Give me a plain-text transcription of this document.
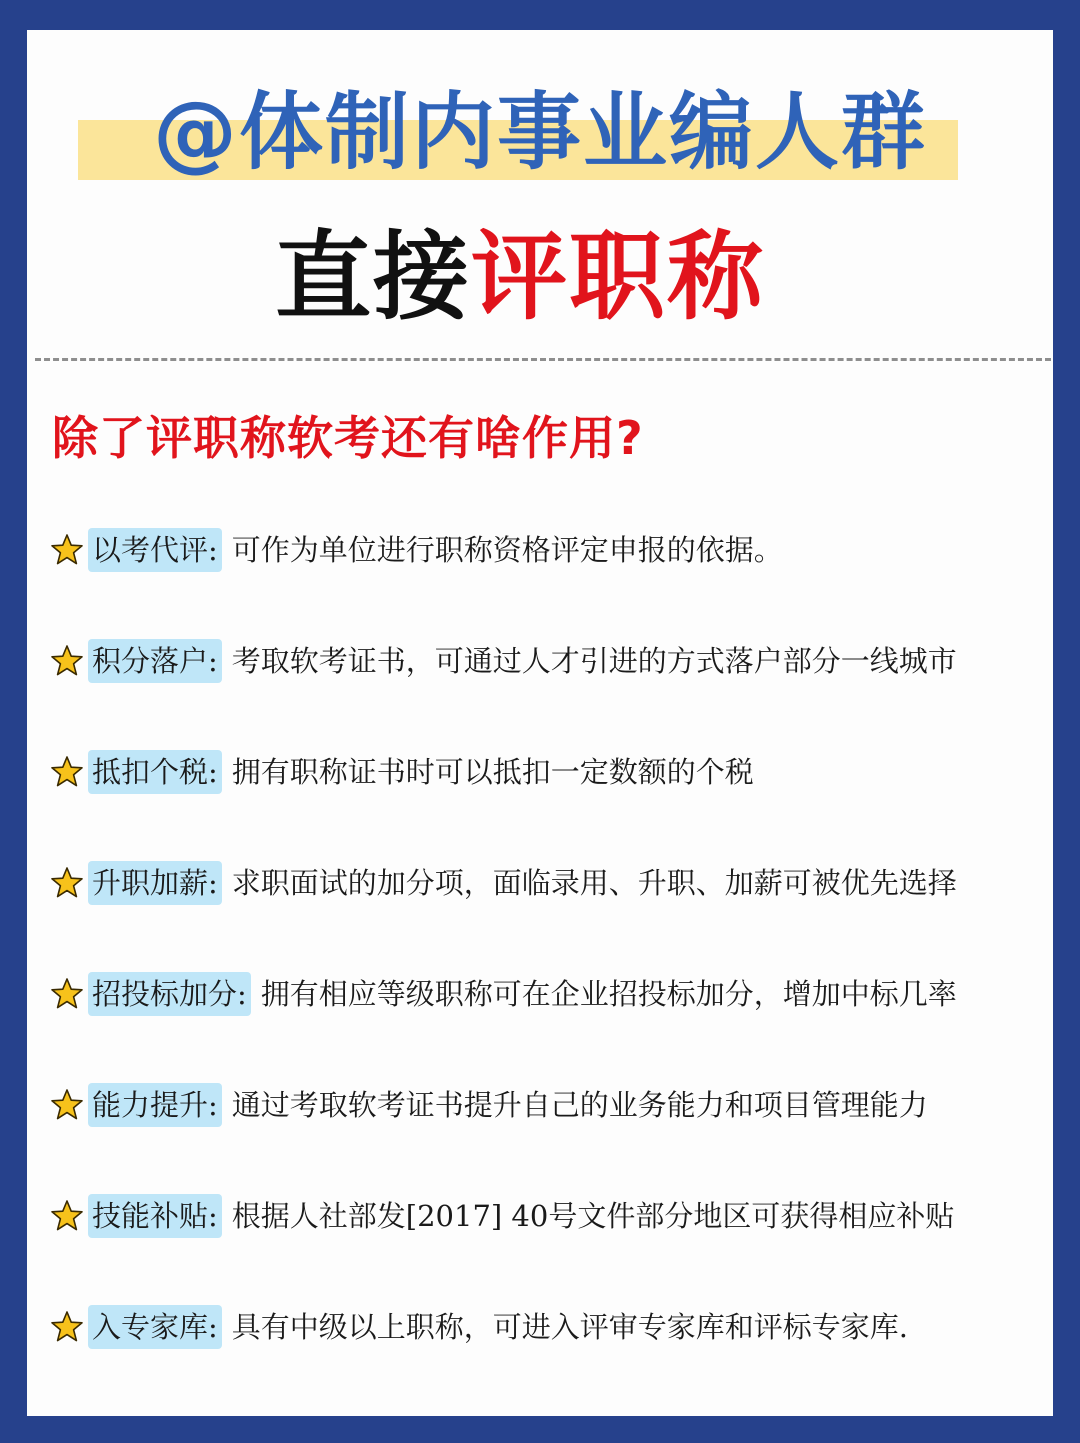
@体制内事业编人群
直接评职称
除了评职称软考还有啥作用?
以考代评: 可作为单位进行职称资格评定申报的依据。
积分落户: 考取软考证书，可通过人才引进的方式落户部分一线城市
抵扣个税: 拥有职称证书时可以抵扣一定数额的个税
升职加薪: 求职面试的加分项，面临录用、升职、加薪可被优先选择
招投标加分: 拥有相应等级职称可在企业招投标加分，增加中标几率
能力提升: 通过考取软考证书提升自己的业务能力和项目管理能力
技能补贴: 根据人社部发[2017] 40号文件部分地区可获得相应补贴
入专家库: 具有中级以上职称，可进入评审专家库和评标专家库.
